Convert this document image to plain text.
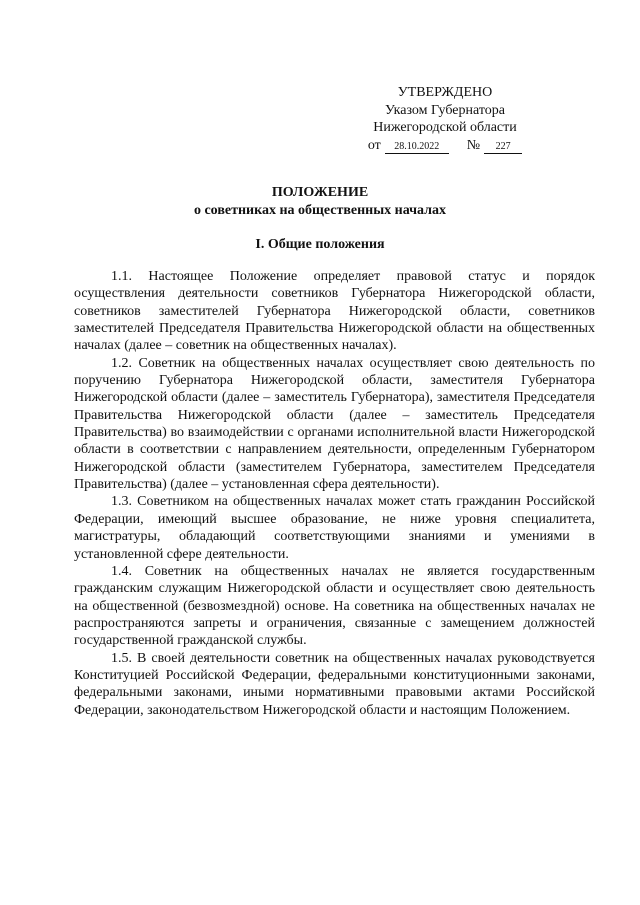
УТВЕРЖДЕНО
Указом Губернатора
Нижегородской области
от	28.10.2022	№	227
ПОЛОЖЕНИЕ
о советниках на общественных началах
I. Общие положения

1.1. Настоящее Положение определяет правовой статус и порядок осуществления деятельности советников Губернатора Нижегородской области, советников заместителей Губернатора Нижегородской области, советников заместителей Председателя Правительства Нижегородской области на общественных началах (далее – советник на общественных началах).

1.2. Советник на общественных началах осуществляет свою деятельность по поручению Губернатора Нижегородской области, заместителя Губернатора Нижегородской области (далее – заместитель Губернатора), заместителя Председателя Правительства Нижегородской области (далее – заместитель Председателя Правительства) во взаимодействии с органами исполнительной власти Нижегородской области в соответствии с направлением деятельности, определенным Губернатором Нижегородской области (заместителем Губернатора, заместителем Председателя Правительства) (далее – установленная сфера деятельности).

1.3. Советником на общественных началах может стать гражданин Российской Федерации, имеющий высшее образование, не ниже уровня специалитета, магистратуры, обладающий соответствующими знаниями и умениями в установленной сфере деятельности.

1.4. Советник на общественных началах не является государственным гражданским служащим Нижегородской области и осуществляет свою деятельность на общественной (безвозмездной) основе. На советника на общественных началах не распространяются запреты и ограничения, связанные с замещением должностей государственной гражданской службы.

1.5. В своей деятельности советник на общественных началах руководствуется Конституцией Российской Федерации, федеральными конституционными законами, федеральными законами, иными нормативными правовыми актами Российской Федерации, законодательством Нижегородской области и настоящим Положением.
